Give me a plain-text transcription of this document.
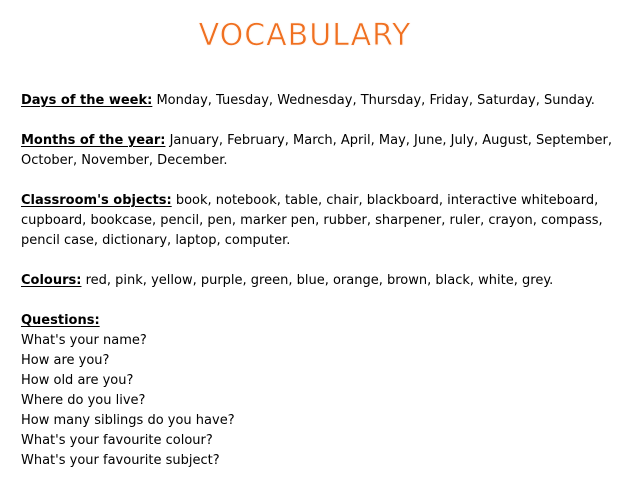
VOCABULARY

Days of the week: Monday, Tuesday, Wednesday, Thursday, Friday, Saturday, Sunday.

Months of the year: January, February, March, April, May, June, July, August, September, October, November, December.

Classroom's objects: book, notebook, table, chair, blackboard, interactive whiteboard, cupboard, bookcase, pencil, pen, marker pen, rubber, sharpener, ruler, crayon, compass, pencil case, dictionary, laptop, computer.

Colours: red, pink, yellow, purple, green, blue, orange, brown, black, white, grey.

Questions:
What's your name?
How are you?
How old are you?
Where do you live?
How many siblings do you have?
What's your favourite colour?
What's your favourite subject?
